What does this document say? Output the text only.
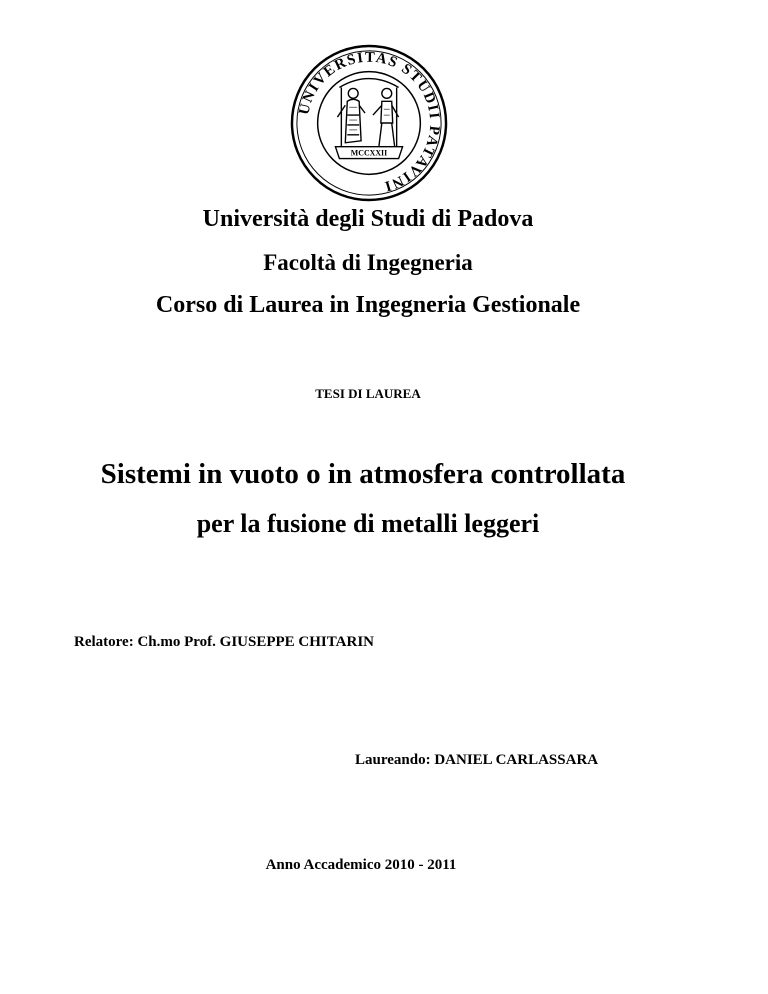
UNIVERSITAS STUDII PATAVINI
MCCXXII
Università degli Studi di Padova
Facoltà di Ingegneria
Corso di Laurea in Ingegneria Gestionale
TESI DI LAUREA
Sistemi in vuoto o in atmosfera controllata
per la fusione di metalli leggeri
Relatore: Ch.mo Prof. GIUSEPPE CHITARIN
Laureando: DANIEL CARLASSARA
Anno Accademico 2010 - 2011
